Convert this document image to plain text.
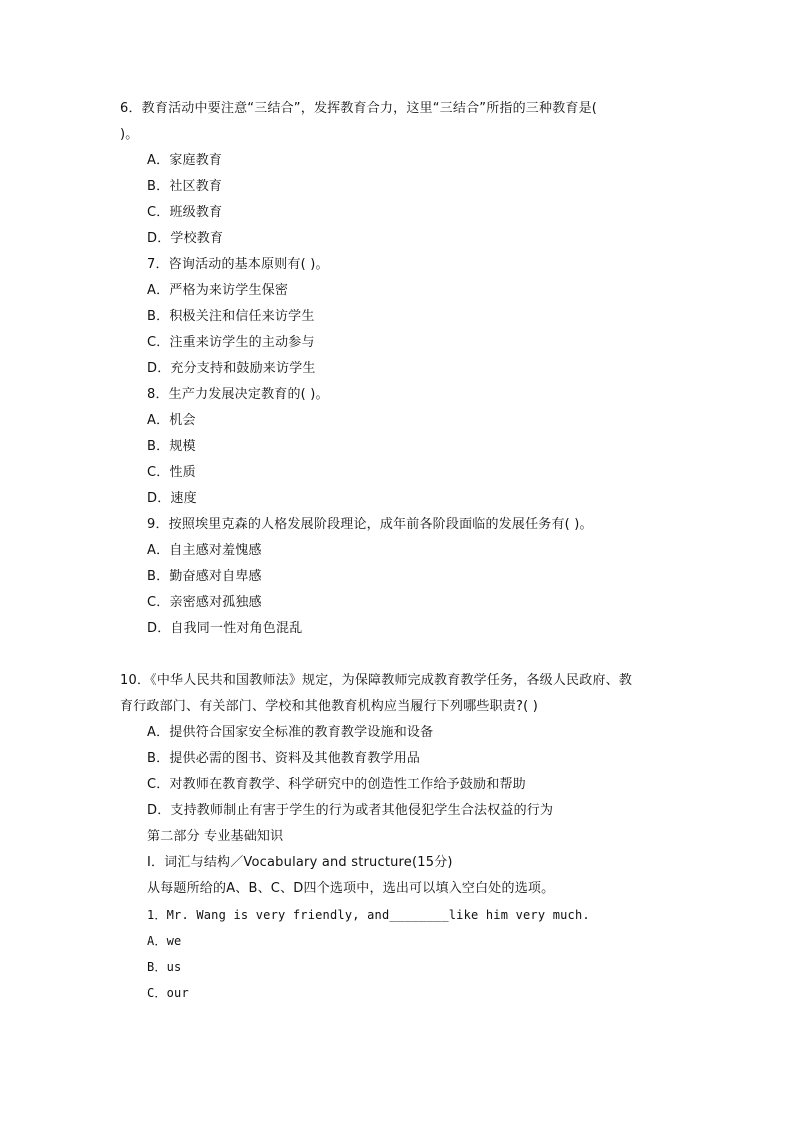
6．教育活动中要注意“三结合”，发挥教育合力，这里“三结合”所指的三种教育是(
)。
A．家庭教育
B．社区教育
C．班级教育
D．学校教育
7．咨询活动的基本原则有( )。
A．严格为来访学生保密
B．积极关注和信任来访学生
C．注重来访学生的主动参与
D．充分支持和鼓励来访学生
8．生产力发展决定教育的( )。
A．机会
B．规模
C．性质
D．速度
9．按照埃里克森的人格发展阶段理论，成年前各阶段面临的发展任务有( )。
A．自主感对羞愧感
B．勤奋感对自卑感
C．亲密感对孤独感
D．自我同一性对角色混乱
10．《中华人民共和国教师法》规定，为保障教师完成教育教学任务，各级人民政府、教
育行政部门、有关部门、学校和其他教育机构应当履行下列哪些职责?( )
A．提供符合国家安全标准的教育教学设施和设备
B．提供必需的图书、资料及其他教育教学用品
C．对教师在教育教学、科学研究中的创造性工作给予鼓励和帮助
D．支持教师制止有害于学生的行为或者其他侵犯学生合法权益的行为
第二部分 专业基础知识
I．词汇与结构／Vocabulary and structure(15分)
从每题所给的A、B、C、D四个选项中，选出可以填入空白处的选项。
1．Mr. Wang is very friendly, and________like him very much.
A．we
B．us
C．our
